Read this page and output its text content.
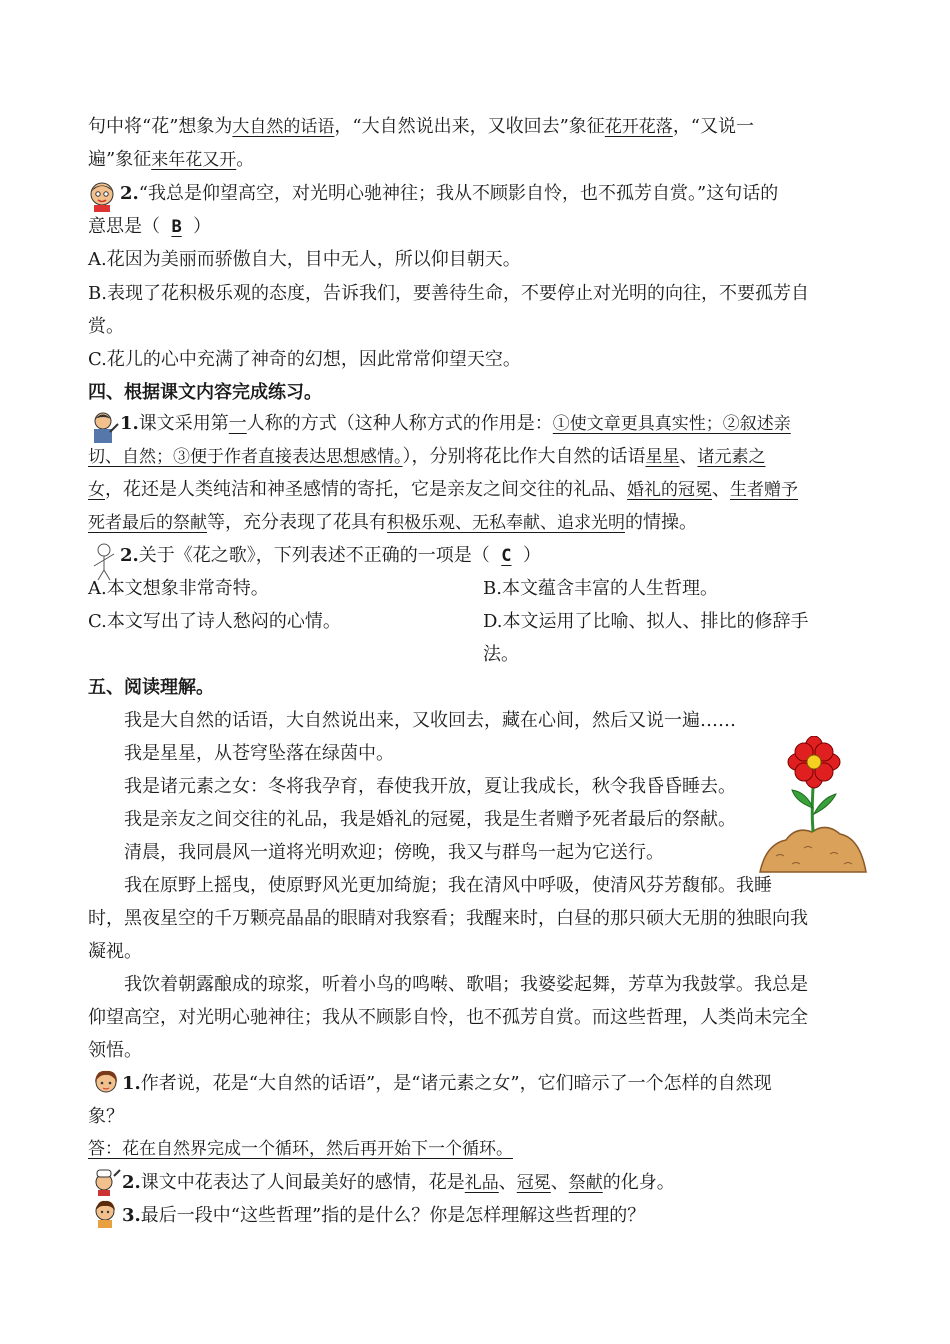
句中将“花”想象为大自然的话语，“大自然说出来，又收回去”象征花开花落，“又说一
遍”象征来年花又开。
2.“我总是仰望高空，对光明心驰神往；我从不顾影自怜，也不孤芳自赏。”这句话的
意思是（ B ）
A.花因为美丽而骄傲自大，目中无人，所以仰目朝天。
B.表现了花积极乐观的态度，告诉我们，要善待生命，不要停止对光明的向往，不要孤芳自
赏。
C.花儿的心中充满了神奇的幻想，因此常常仰望天空。
四、根据课文内容完成练习。
1.课文采用第一人称的方式（这种人称方式的作用是：①使文章更具真实性；②叙述亲
切、自然；③便于作者直接表达思想感情。），分别将花比作大自然的话语星星、诸元素之
女，花还是人类纯洁和神圣感情的寄托，它是亲友之间交往的礼品、婚礼的冠冕、生者赠予
死者最后的祭献等，充分表现了花具有积极乐观、无私奉献、追求光明的情操。
2.关于《花之歌》，下列表述不正确的一项是（ C ）
A.本文想象非常奇特。	B.本文蕴含丰富的人生哲理。
C.本文写出了诗人愁闷的心情。	D.本文运用了比喻、拟人、排比的修辞手
法。
五、阅读理解。
我是大自然的话语，大自然说出来，又收回去，藏在心间，然后又说一遍……
我是星星，从苍穹坠落在绿茵中。
我是诸元素之女：冬将我孕育，春使我开放，夏让我成长，秋令我昏昏睡去。
我是亲友之间交往的礼品，我是婚礼的冠冕，我是生者赠予死者最后的祭献。
清晨，我同晨风一道将光明欢迎；傍晚，我又与群鸟一起为它送行。
我在原野上摇曳，使原野风光更加绮旎；我在清风中呼吸，使清风芬芳馥郁。我睡
时，黑夜星空的千万颗亮晶晶的眼睛对我察看；我醒来时，白昼的那只硕大无朋的独眼向我
凝视。
我饮着朝露酿成的琼浆，听着小鸟的鸣啭、歌唱；我婆娑起舞，芳草为我鼓掌。我总是
仰望高空，对光明心驰神往；我从不顾影自怜，也不孤芳自赏。而这些哲理，人类尚未完全
领悟。
1.作者说，花是“大自然的话语”，是“诸元素之女”，它们暗示了一个怎样的自然现
象？
答：花在自然界完成一个循环，然后再开始下一个循环。
2.课文中花表达了人间最美好的感情，花是礼品、冠冕、祭献的化身。
3.最后一段中“这些哲理”指的是什么？你是怎样理解这些哲理的？
